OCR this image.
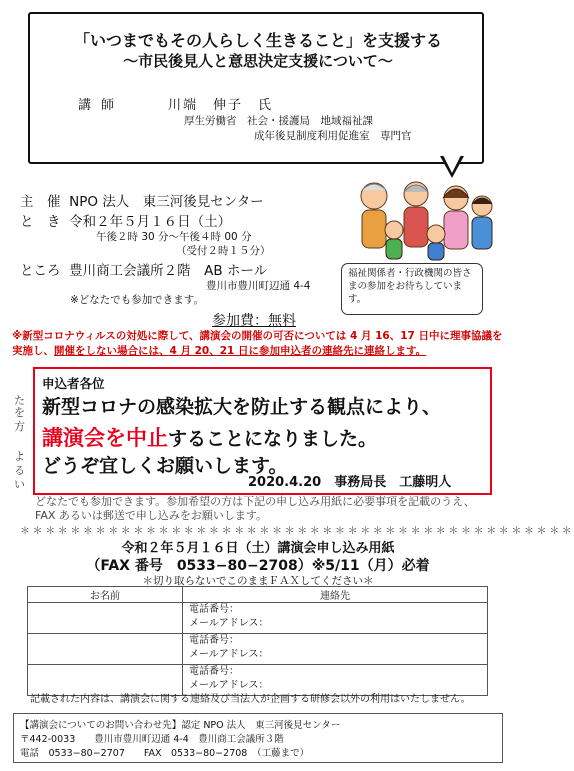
「いつまでもその人らしく生きること」を支援する
～市民後見人と意思決定支援について～
講師	川端　伸子　氏
厚生労働省　社会・援護局　地域福祉課
成年後見制度利用促進室　専門官
主　催 NPO 法人　東三河後見センター
と　き 令和２年５月１６日（土）
午後２時 30 分～午後４時 00 分
（受付２時１５分）
ところ 豊川商工会議所２階　AB ホール
豊川市豊川町辺通 4-4
※どなたでも参加できます。
参加費：無料
福祉関係者・行政機関の皆さまの参加をお待ちしています。
※新型コロナウィルスの対処に際して、講演会の開催の可否については 4 月 16、17 日中に理事協議を実施し、開催をしない場合には、4 月 20、21 日に参加申込者の連絡先に連絡します。
た
を
方
よ
る
い
どなたでも参加できます。参加希望の方は下記の申し込み用紙に必要事項を記載のうえ、
FAX あるいは郵送で申し込みをお願いします。
申込者各位
新型コロナの感染拡大を防止する観点により、
講演会を中止することになりました。
どうぞ宜しくお願いします。
2020.4.20　事務局長　工藤明人
＊＊＊＊＊＊＊＊＊＊＊＊＊＊＊＊＊＊＊＊＊＊＊＊＊＊＊＊＊＊＊＊＊＊＊＊＊＊＊＊＊＊＊＊
令和２年５月１６日（土）講演会申し込み用紙
（FAX 番号　0533−80−2708）※5/11（月）必着
＊切り取らないでこのままＦＡＸしてください＊
お名前	連絡先

	電話番号：
メールアドレス：

	電話番号：
メールアドレス：

	電話番号：
メールアドレス：
記載された内容は、講演会に関する連絡及び当法人が企画する研修会以外の利用はいたしません。
【講演会についてのお問い合わせ先】認定 NPO 法人　東三河後見センター
〒442-0033　　豊川市豊川町辺通 4-4　豊川商工会議所３階
電話　0533−80−2707　　FAX　0533−80−2708　（工藤まで）
